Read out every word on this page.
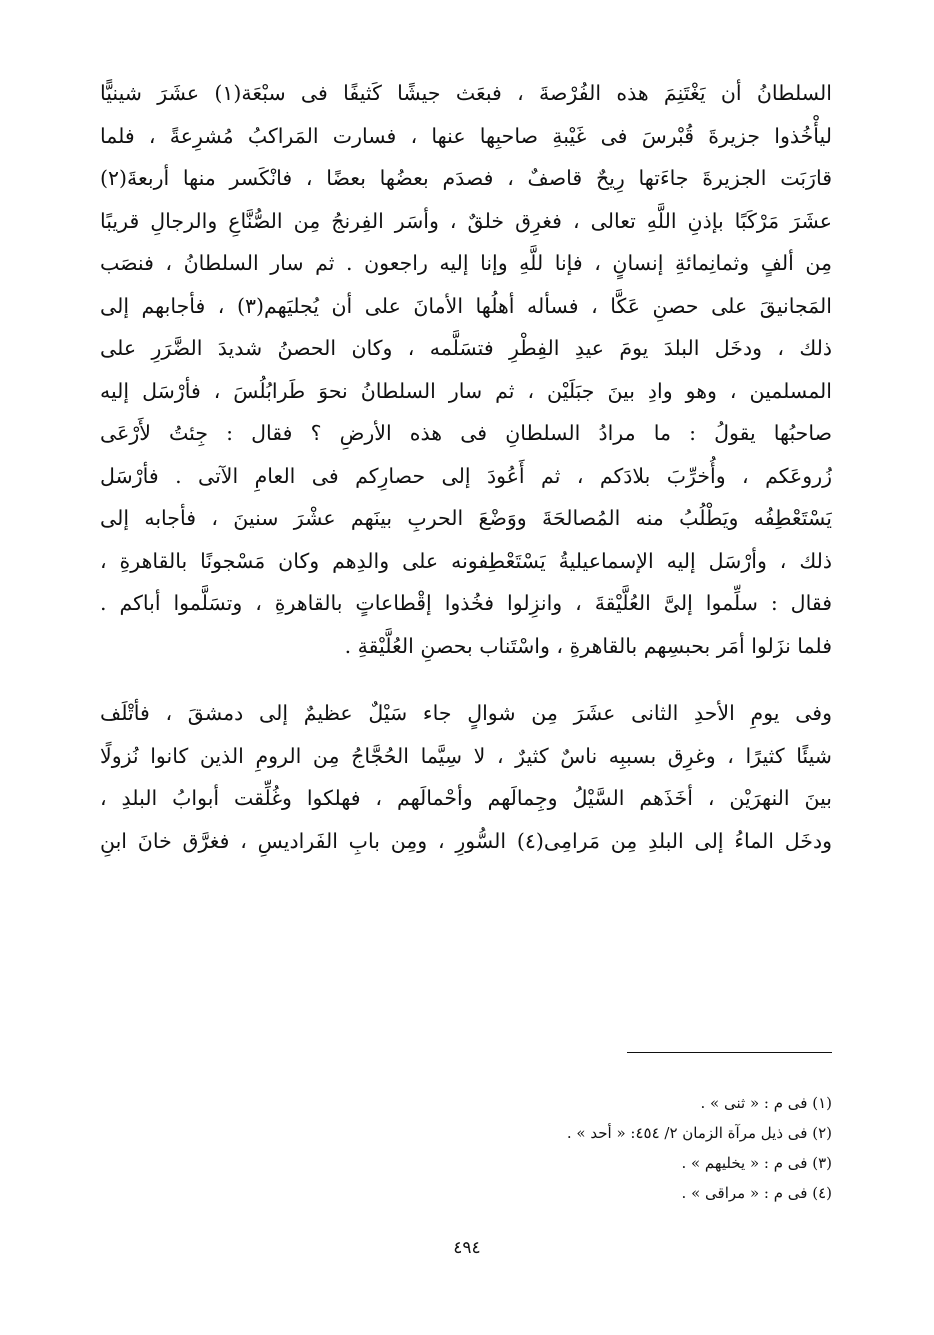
السلطانُ أن يَغْتَنِمَ هذه الفُرْصةَ ، فبعَث جيشًا كَثيفًا فى سبْعَة(١) عشَرَ شينيًّا
ليأْخُذوا جزيرةَ قُبْرسَ فى غَيْبةِ صاحبِها عنها ، فسارت المَراكبُ مُشرِعةً ، فلما
قارَبَت الجزيرةَ جاءَتها رِيحٌ قاصفٌ ، فصدَم بعضُها بعضًا ، فانْكَسر منها أربعةَ(٢)
عشَرَ مَرْكَبًا بإذنِ اللَّهِ تعالى ، فغرِق خلقٌ ، وأسَر الفِرنجُ مِن الصُّنَّاعِ والرجالِ قريبًا
مِن ألفٍ وثمانِمائةِ إنسانٍ ، فإنا للَّهِ وإنا إليه راجعون . ثم سار السلطانُ ، فنصَب
المَجانيقَ على حصنِ عَكَّا ، فسأله أهلُها الأمانَ على أن يُجليَهم(٣) ، فأجابهم إلى
ذلك ، ودخَل البلدَ يومَ عيدِ الفِطْرِ فتسَلَّمه ، وكان الحصنُ شديدَ الضَّرَرِ على
المسلمين ، وهو وادِ بينَ جبَلَيْن ، ثم سار السلطانُ نحوَ طَرابُلُسَ ، فأرْسَل إليه
صاحبُها يقولُ : ما مرادُ السلطانِ فى هذه الأرضِ ؟ فقال : جِئتُ لأَرْعَى
زُروعَكم ، وأُخرِّبَ بلادَكم ، ثم أَعُودَ إلى حصارِكم فى العامِ الآتى . فأرْسَل
يَسْتَعْطِفُه ويَطْلُبُ منه المُصالحَةَ ووَضْعَ الحربِ بينَهم عشْرَ سنينَ ، فأجابه إلى
ذلك ، وأرْسَل إليه الإسماعيليةُ يَسْتَعْطِفونه على والدِهم وكان مَسْجونًا بالقاهرةِ ،
فقال : سلِّموا إلىَّ العُلَّيْقةَ ، وانزِلوا فخُذوا إقْطاعاتٍ بالقاهرةِ ، وتسَلَّموا أباكم .
فلما نزَلوا أمَر بحبسِهم بالقاهرةِ ، واسْتَناب بحصنِ العُلَّيْقةِ .
وفى يومِ الأحدِ الثانى عشَرَ مِن شوالٍ جاء سَيْلٌ عظيمٌ إلى دمشقَ ، فأتْلَف
شيئًا كثيرًا ، وغرِق بسببِه ناسٌ كثيرٌ ، لا سِيَّما الحُجَّاجُ مِن الرومِ الذين كانوا نُزولًا
بينَ النهرَيْن ، أخَذَهم السَّيْلُ وجِمالَهم وأحْمالَهم ، فهلكوا وغُلِّقت أبوابُ البلدِ ،
ودخَل الماءُ إلى البلدِ مِن مَرامِى(٤) السُّورِ ، ومِن بابِ الفَراديسِ ، فغرَّق خانَ ابنِ
(١) فى م : « ثنى » .
(٢) فى ذيل مرآة الزمان ٢/ ٤٥٤: « أحد » .
(٣) فى م : « يخليهم » .
(٤) فى م : « مراقى » .
٤٩٤
